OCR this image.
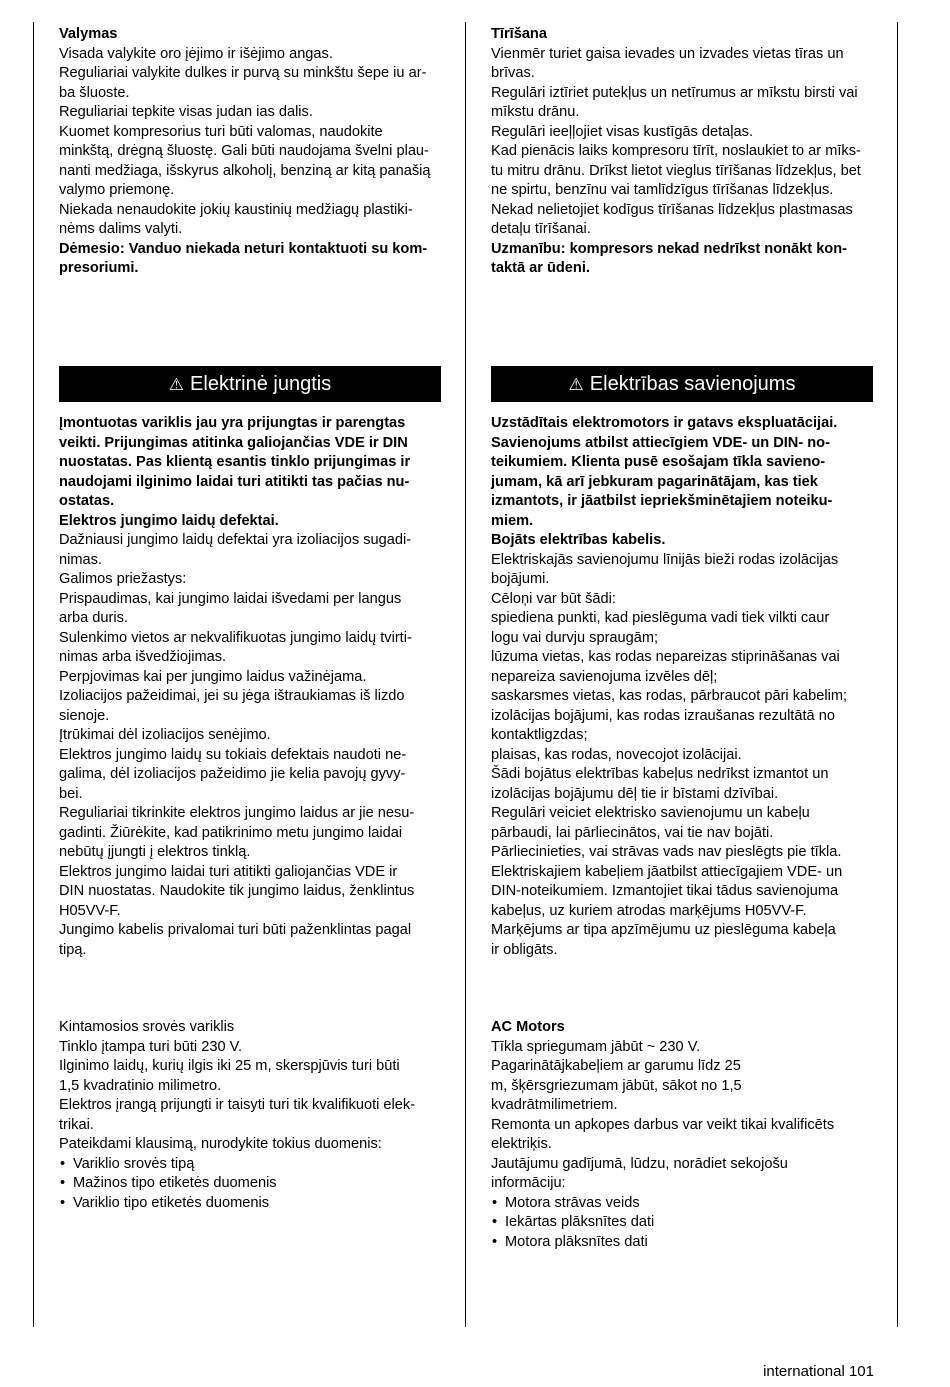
Valymas

Visada valykite oro įėjimo ir išėjimo angas.
Reguliariai valykite dulkes ir purvą su minkštu šepe iu ar-
ba šluoste.
Reguliariai tepkite visas judan ias dalis.
Kuomet kompresorius turi būti valomas, naudokite
minkštą, drėgną šluostę. Gali būti naudojama švelni plau-
nanti medžiaga, išskyrus alkoholį, benziną ar kitą panašią
valymo priemonę.
Niekada nenaudokite jokių kaustinių medžiagų plastiki-
nėms dalims valyti.
Dėmesio: Vanduo niekada neturi kontaktuoti su kom-
presoriumi.
⚠ Elektrinė jungtis
Įmontuotas variklis jau yra prijungtas ir parengtas
veikti. Prijungimas atitinka galiojančias VDE ir DIN
nuostatas. Pas klientą esantis tinklo prijungimas ir
naudojami ilginimo laidai turi atitikti tas pačias nu-
ostatas.
Elektros jungimo laidų defektai.
Dažniausi jungimo laidų defektai yra izoliacijos sugadi-
nimas.
Galimos priežastys:
Prispaudimas, kai jungimo laidai išvedami per langus
arba duris.
Sulenkimo vietos ar nekvalifikuotas jungimo laidų tvirti-
nimas arba išvedžiojimas.
Perpjovimas kai per jungimo laidus važinėjama.
Izoliacijos pažeidimai, jei su jėga ištraukiamas iš lizdo
sienoje.
Įtrūkimai dėl izoliacijos senėjimo.
Elektros jungimo laidų su tokiais defektais naudoti ne-
galima, dėl izoliacijos pažeidimo jie kelia pavojų gyvy-
bei.
Reguliariai tikrinkite elektros jungimo laidus ar jie nesu-
gadinti. Žiūrėkite, kad patikrinimo metu jungimo laidai
nebūtų įjungti į elektros tinklą.
Elektros jungimo laidai turi atitikti galiojančias VDE ir
DIN nuostatas. Naudokite tik jungimo laidus, ženklintus
H05VV-F.
Jungimo kabelis privalomai turi būti paženklintas pagal
tipą.
Kintamosios srovės variklis
Tinklo įtampa turi būti 230 V.
Ilginimo laidų, kurių ilgis iki 25 m, skerspjūvis turi būti
1,5 kvadratinio milimetro.
Elektros įrangą prijungti ir taisyti turi tik kvalifikuoti elek-
trikai.
Pateikdami klausimą, nurodykite tokius duomenis:
• Variklio srovės tipą
• Mažinos tipo etiketės duomenis
• Variklio tipo etiketės duomenis

Tīrīšana

Vienmēr turiet gaisa ievades un izvades vietas tīras un
brīvas.
Regulāri iztīriet putekļus un netīrumus ar mīkstu birsti vai
mīkstu drānu.
Regulāri ieeļļojiet visas kustīgās detaļas.
Kad pienācis laiks kompresoru tīrīt, noslaukiet to ar mīks-
tu mitru drānu. Drīkst lietot vieglus tīrīšanas līdzekļus, bet
ne spirtu, benzīnu vai tamlīdzīgus tīrīšanas līdzekļus.
Nekad nelietojiet kodīgus tīrīšanas līdzekļus plastmasas
detaļu tīrīšanai.
Uzmanību: kompresors nekad nedrīkst nonākt kon-
taktā ar ūdeni.
⚠ Elektrības savienojums
Uzstādītais elektromotors ir gatavs ekspluatācijai.
Savienojums atbilst attiecīgiem VDE- un DIN- no-
teikumiem. Klienta pusē esošajam tīkla savieno-
jumam, kā arī jebkuram pagarinātājam, kas tiek
izmantots, ir jāatbilst iepriekšminētajiem noteiku-
miem.
Bojāts elektrības kabelis.
Elektriskajās savienojumu līnijās bieži rodas izolācijas
bojājumi.
Cēloņi var būt šādi:
spiediena punkti, kad pieslēguma vadi tiek vilkti caur
logu vai durvju spraugām;
lūzuma vietas, kas rodas nepareizas stiprināšanas vai
nepareiza savienojuma izvēles dēļ;
saskarsmes vietas, kas rodas, pārbraucot pāri kabelim;
izolācijas bojājumi, kas rodas izraušanas rezultātā no
kontaktligzdas;
plaisas, kas rodas, novecojot izolācijai.
Šādi bojātus elektrības kabeļus nedrīkst izmantot un
izolācijas bojājumu dēļ tie ir bīstami dzīvībai.
Regulāri veiciet elektrisko savienojumu un kabeļu
pārbaudi, lai pārliecinātos, vai tie nav bojāti.
Pārliecinieties, vai strāvas vads nav pieslēgts pie tīkla.
Elektriskajiem kabeļiem jāatbilst attiecīgajiem VDE- un
DIN-noteikumiem. Izmantojiet tikai tādus savienojuma
kabeļus, uz kuriem atrodas marķējums H05VV-F.
Marķējums ar tipa apzīmējumu uz pieslēguma kabeļa
ir obligāts.

AC Motors

Tīkla spriegumam jābūt ~ 230 V.
Pagarinātājkabeļiem ar garumu līdz 25
m, šķērsgriezumam jābūt, sākot no 1,5
kvadrātmilimetriem.
Remonta un apkopes darbus var veikt tikai kvalificēts
elektriķis.
Jautājumu gadījumā, lūdzu, norādiet sekojošu
informāciju:
• Motora strāvas veids
• Iekārtas plāksnītes dati
• Motora plāksnītes dati
international 101
